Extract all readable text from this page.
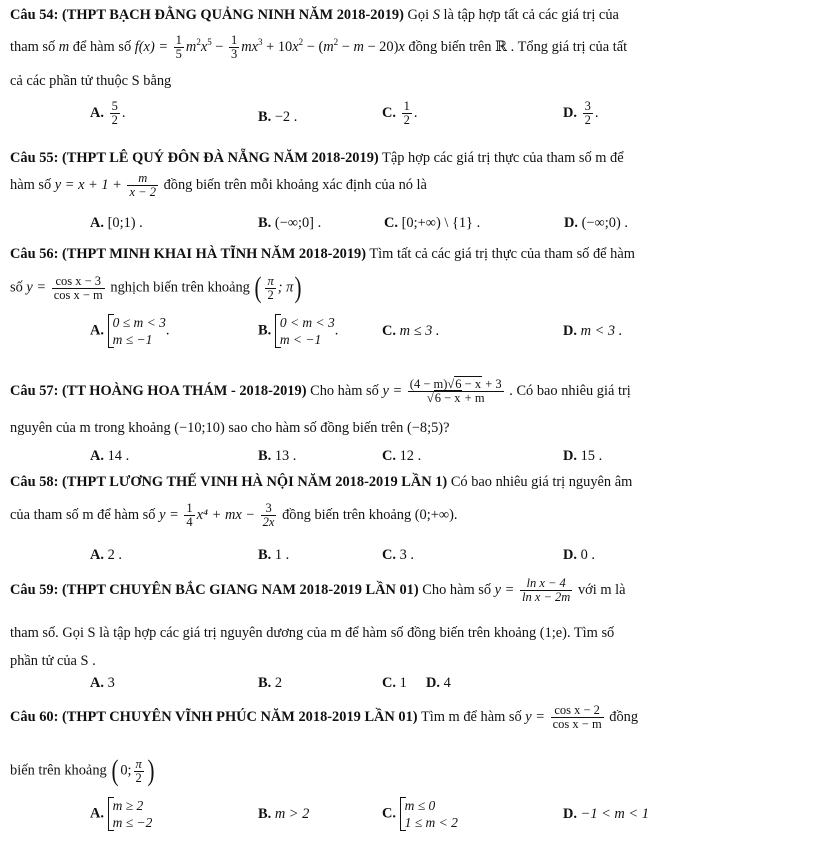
Câu 54: (THPT BẠCH ĐẰNG QUẢNG NINH NĂM 2018-2019) Gọi S là tập hợp tất cả các giá trị của
tham số m để hàm số $f(x) = \frac{1}{5} m^2x^5 - \frac{1}{3} mx^3 + 10x^2 - (m^2 - m - 20)x$ đồng biến trên ℝ . Tổng giá trị của tất
cả các phần tử thuộc S bằng
A. $\frac{5}{2}$ .	B. −2 .	C. $\frac{1}{2}$ .	D. $\frac{3}{2}$ .
Câu 55: (THPT LÊ QUÝ ĐÔN ĐÀ NẴNG NĂM 2018-2019) Tập hợp các giá trị thực của tham số m để
hàm số $y = x + 1 + \frac{m}{x - 2}$ đồng biến trên mỗi khoảng xác định của nó là
A. [0;1) .	B. (−∞;0] .	C. [0;+∞) \ {1} .	D. (−∞;0) .
Câu 56: (THPT MINH KHAI HÀ TĨNH NĂM 2018-2019) Tìm tất cả các giá trị thực của tham số để hàm
số $y = \frac{\text{cos x − 3}}{\text{cos x − m}}$ nghịch biến trên khoảng ( $\frac{\pi}{2}$ ; π)
A. 0 ≤ m < 3
m ≤ −1
.	B. 0 < m < 3
m < −1
.	C. m ≤ 3 .	D. m < 3 .
Câu 57: (TT HOÀNG HOA THÁM - 2018-2019) Cho hàm số $y = \frac{(4 - m)√6 - x + 3}{√6 - x + m}$ . Có bao nhiêu giá trị
nguyên của m trong khoảng (−10;10) sao cho hàm số đồng biến trên (−8;5)?
A. 14 .	B. 13 .	C. 12 .	D. 15 .
Câu 58: (THPT LƯƠNG THẾ VINH HÀ NỘI NĂM 2018-2019 LẦN 1) Có bao nhiêu giá trị nguyên âm
của tham số m để hàm số $y = \frac{1}{4} x^4$ + mx − $\frac{3}{2x}$ đồng biến trên khoảng (0;+∞).
A. 2 .	B. 1 .	C. 3 .	D. 0 .
Câu 59: (THPT CHUYÊN BẮC GIANG NAM 2018-2019 LẦN 01) Cho hàm số $y = \frac{\text{ln x − 4}}{\text{ln x − 2m}}$ với m là
tham số. Gọi S là tập hợp các giá trị nguyên dương của m để hàm số đồng biến trên khoảng (1;e). Tìm số
phần tử của S .
A. 3	B. 2	C. 1 D. 4
Câu 60: (THPT CHUYÊN VĨNH PHÚC NĂM 2018-2019 LẦN 01) Tìm m để hàm số $y = \frac{\text{cos x − 2}}{\text{cos x − m}}$ đồng
biến trên khoảng ( 0; $\frac{\pi}{2}$ )
A. m ≥ 2
m ≤ −2
B. m > 2	C. m ≤ 0
1 ≤ m < 2
D. −1 < m < 1
